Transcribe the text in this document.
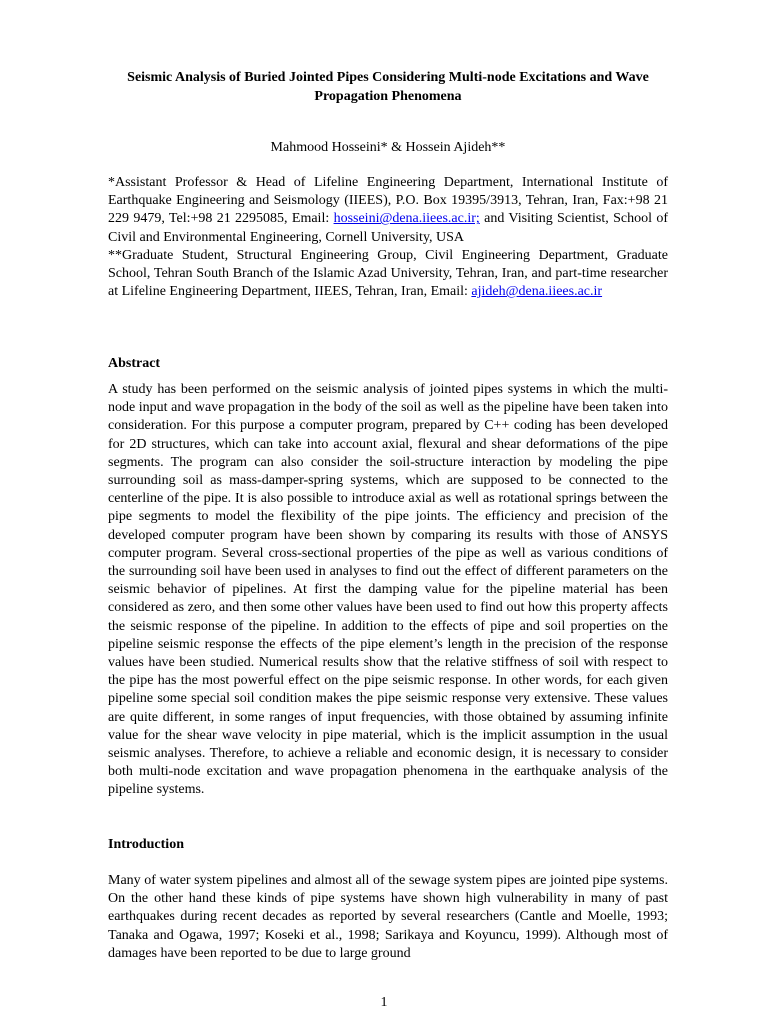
Seismic Analysis of Buried Jointed Pipes Considering Multi-node Excitations and Wave Propagation Phenomena
Mahmood Hosseini* & Hossein Ajideh**

*Assistant Professor & Head of Lifeline Engineering Department, International Institute of Earthquake Engineering and Seismology (IIEES), P.O. Box 19395/3913, Tehran, Iran, Fax:+98 21 229 9479, Tel:+98 21 2295085, Email: hosseini@dena.iiees.ac.ir; and Visiting Scientist, School of Civil and Environmental Engineering, Cornell University, USA

**Graduate Student, Structural Engineering Group, Civil Engineering Department, Graduate School, Tehran South Branch of the Islamic Azad University, Tehran, Iran, and part-time researcher at Lifeline Engineering Department, IIEES, Tehran, Iran, Email: ajideh@dena.iiees.ac.ir

Abstract

A study has been performed on the seismic analysis of jointed pipes systems in which the multi-node input and wave propagation in the body of the soil as well as the pipeline have been taken into consideration. For this purpose a computer program, prepared by C++ coding has been developed for 2D structures, which can take into account axial, flexural and shear deformations of the pipe segments. The program can also consider the soil-structure interaction by modeling the pipe surrounding soil as mass-damper-spring systems, which are supposed to be connected to the centerline of the pipe. It is also possible to introduce axial as well as rotational springs between the pipe segments to model the flexibility of the pipe joints. The efficiency and precision of the developed computer program have been shown by comparing its results with those of ANSYS computer program. Several cross-sectional properties of the pipe as well as various conditions of the surrounding soil have been used in analyses to find out the effect of different parameters on the seismic behavior of pipelines. At first the damping value for the pipeline material has been considered as zero, and then some other values have been used to find out how this property affects the seismic response of the pipeline. In addition to the effects of pipe and soil properties on the pipeline seismic response the effects of the pipe element’s length in the precision of the response values have been studied. Numerical results show that the relative stiffness of soil with respect to the pipe has the most powerful effect on the pipe seismic response. In other words, for each given pipeline some special soil condition makes the pipe seismic response very extensive. These values are quite different, in some ranges of input frequencies, with those obtained by assuming infinite value for the shear wave velocity in pipe material, which is the implicit assumption in the usual seismic analyses. Therefore, to achieve a reliable and economic design, it is necessary to consider both multi-node excitation and wave propagation phenomena in the earthquake analysis of the pipeline systems.

Introduction

Many of water system pipelines and almost all of the sewage system pipes are jointed pipe systems. On the other hand these kinds of pipe systems have shown high vulnerability in many of past earthquakes during recent decades as reported by several researchers (Cantle and Moelle, 1993; Tanaka and Ogawa, 1997; Koseki et al., 1998; Sarikaya and Koyuncu, 1999). Although most of damages have been reported to be due to large ground

1
